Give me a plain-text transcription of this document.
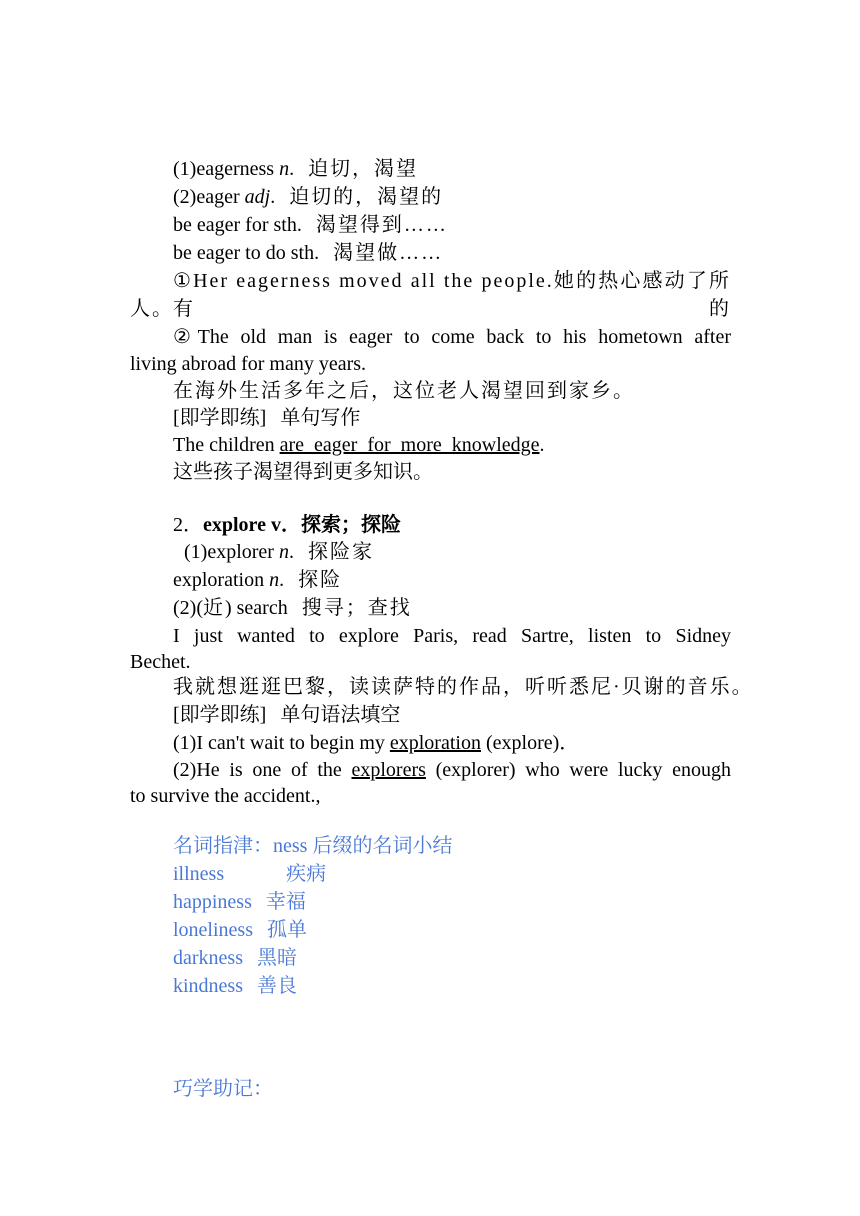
(1)eagerness n. 迫切，渴望
(2)eager adj. 迫切的，渴望的
be eager for sth. 渴望得到……
be eager to do sth. 渴望做……
①Her eagerness moved all the people.她的热心感动了所有的
人。
②The old man is eager to come back to his hometown after
living abroad for many years.
在海外生活多年之后，这位老人渴望回到家乡。
[即学即练] 单句写作
The children are  eager  for  more  knowledge.
这些孩子渴望得到更多知识。
2．explore v．探索；探险
(1)explorer n. 探险家
exploration n. 探险
(2)(近) search 搜寻；查找
I just wanted to explore Paris, read Sartre, listen to Sidney
Bechet.
我就想逛逛巴黎，读读萨特的作品，听听悉尼·贝谢的音乐。
[即学即练] 单句语法填空
(1)I can't wait to begin my exploration (explore)．
(2)He is one of the explorers (explorer) who were lucky enough
to survive the accident.,
名词指津：ness 后缀的名词小结
illness	疾病
happiness 幸福
loneliness 孤单
darkness 黑暗
kindness 善良
巧学助记：
